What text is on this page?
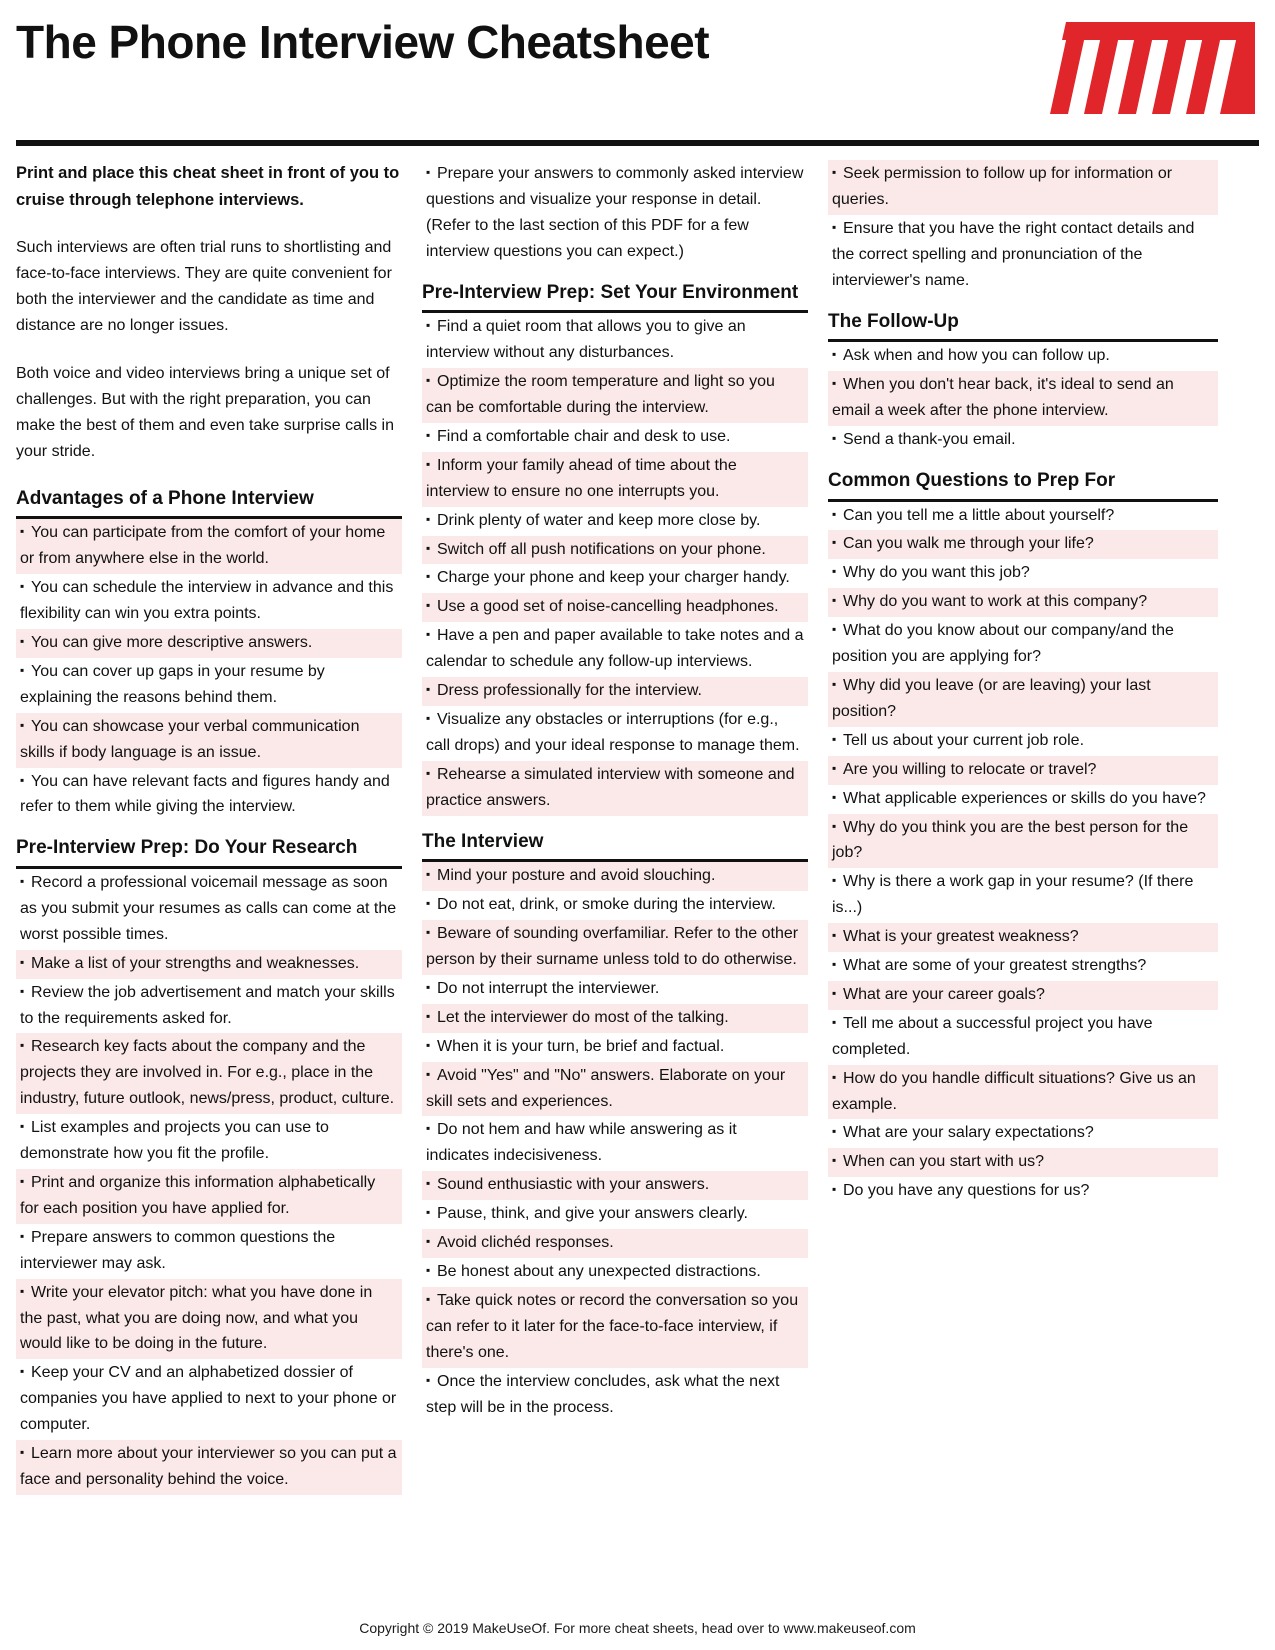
The Phone Interview Cheatsheet

Print and place this cheat sheet in front of you to cruise through telephone interviews.

Such interviews are often trial runs to shortlisting and face-to-face interviews. They are quite convenient for both the interviewer and the candidate as time and distance are no longer issues.

Both voice and video interviews bring a unique set of challenges. But with the right preparation, you can make the best of them and even take surprise calls in your stride.

Advantages of a Phone Interview
▪ You can participate from the comfort of your home or from anywhere else in the world.
▪ You can schedule the interview in advance and this flexibility can win you extra points.
▪ You can give more descriptive answers.
▪ You can cover up gaps in your resume by explaining the reasons behind them.
▪ You can showcase your verbal communication skills if body language is an issue.
▪ You can have relevant facts and figures handy and refer to them while giving the interview.
Pre-Interview Prep: Do Your Research
▪ Record a professional voicemail message as soon as you submit your resumes as calls can come at the worst possible times.
▪ Make a list of your strengths and weaknesses.
▪ Review the job advertisement and match your skills to the requirements asked for.
▪ Research key facts about the company and the projects they are involved in. For e.g., place in the industry, future outlook, news/press, product, culture.
▪ List examples and projects you can use to demonstrate how you fit the profile.
▪ Print and organize this information alphabetically for each position you have applied for.
▪ Prepare answers to common questions the interviewer may ask.
▪ Write your elevator pitch: what you have done in the past, what you are doing now, and what you would like to be doing in the future.
▪ Keep your CV and an alphabetized dossier of companies you have applied to next to your phone or computer.
▪ Learn more about your interviewer so you can put a face and personality behind the voice.
▪ Prepare your answers to commonly asked interview questions and visualize your response in detail. (Refer to the last section of this PDF for a few interview questions you can expect.)
Pre-Interview Prep: Set Your Environment
▪ Find a quiet room that allows you to give an interview without any disturbances.
▪ Optimize the room temperature and light so you can be comfortable during the interview.
▪ Find a comfortable chair and desk to use.
▪ Inform your family ahead of time about the interview to ensure no one interrupts you.
▪ Drink plenty of water and keep more close by.
▪ Switch off all push notifications on your phone.
▪ Charge your phone and keep your charger handy.
▪ Use a good set of noise-cancelling headphones.
▪ Have a pen and paper available to take notes and a calendar to schedule any follow-up interviews.
▪ Dress professionally for the interview.
▪ Visualize any obstacles or interruptions (for e.g., call drops) and your ideal response to manage them.
▪ Rehearse a simulated interview with someone and practice answers.
The Interview
▪ Mind your posture and avoid slouching.
▪ Do not eat, drink, or smoke during the interview.
▪ Beware of sounding overfamiliar. Refer to the other person by their surname unless told to do otherwise.
▪ Do not interrupt the interviewer.
▪ Let the interviewer do most of the talking.
▪ When it is your turn, be brief and factual.
▪ Avoid "Yes" and "No" answers. Elaborate on your skill sets and experiences.
▪ Do not hem and haw while answering as it indicates indecisiveness.
▪ Sound enthusiastic with your answers.
▪ Pause, think, and give your answers clearly.
▪ Avoid clichéd responses.
▪ Be honest about any unexpected distractions.
▪ Take quick notes or record the conversation so you can refer to it later for the face-to-face interview, if there's one.
▪ Once the interview concludes, ask what the next step will be in the process.
▪ Seek permission to follow up for information or queries.
▪ Ensure that you have the right contact details and the correct spelling and pronunciation of the interviewer's name.
The Follow-Up
▪ Ask when and how you can follow up.
▪ When you don't hear back, it's ideal to send an email a week after the phone interview.
▪ Send a thank-you email.
Common Questions to Prep For
▪ Can you tell me a little about yourself?
▪ Can you walk me through your life?
▪ Why do you want this job?
▪ Why do you want to work at this company?
▪ What do you know about our company/and the position you are applying for?
▪ Why did you leave (or are leaving) your last position?
▪ Tell us about your current job role.
▪ Are you willing to relocate or travel?
▪ What applicable experiences or skills do you have?
▪ Why do you think you are the best person for the job?
▪ Why is there a work gap in your resume? (If there is...)
▪ What is your greatest weakness?
▪ What are some of your greatest strengths?
▪ What are your career goals?
▪ Tell me about a successful project you have completed.
▪ How do you handle difficult situations? Give us an example.
▪ What are your salary expectations?
▪ When can you start with us?
▪ Do you have any questions for us?
Copyright © 2019 MakeUseOf. For more cheat sheets, head over to www.makeuseof.com
